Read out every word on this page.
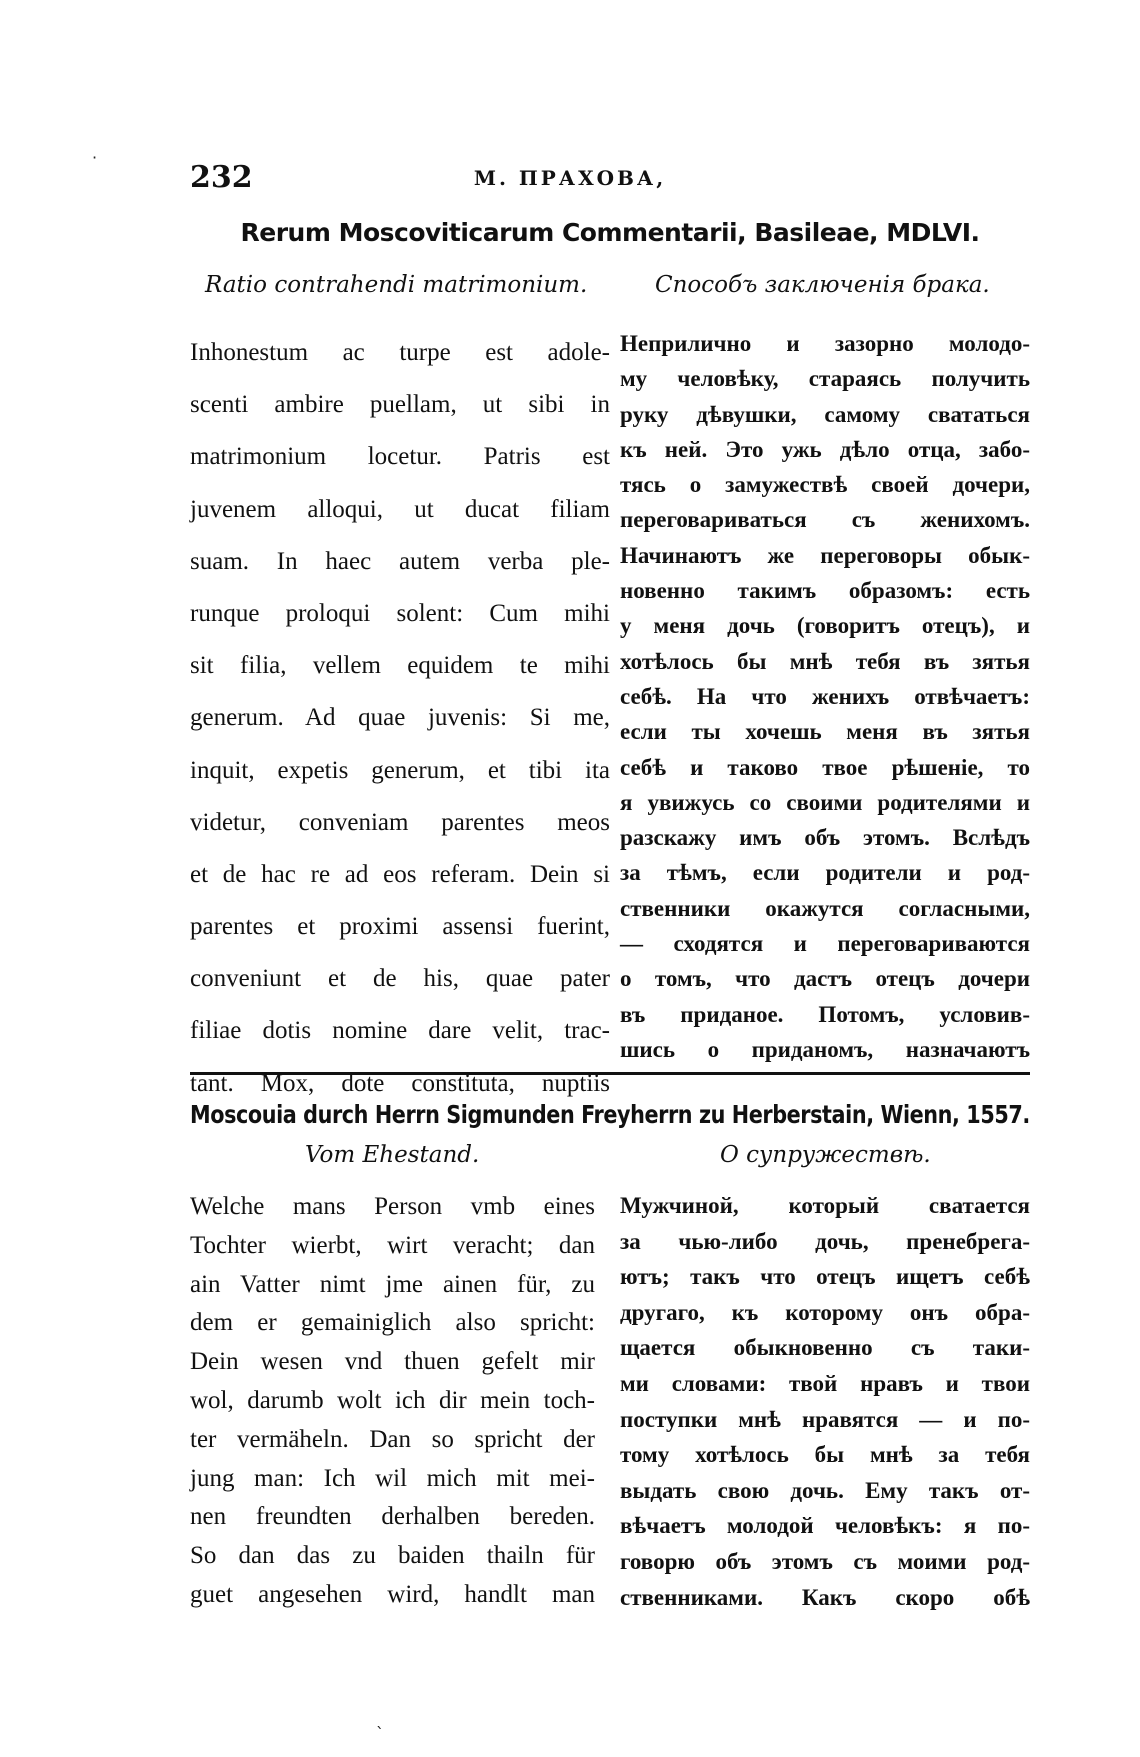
232	М. ПРАХОВА,
Rerum Moscoviticarum Commentarii, Basileae, MDLVI.
Ratio contrahendi matrimonium.	Способъ заключенія брака.
Inhonestum ac turpe est adole-
scenti ambire puellam, ut sibi in
matrimonium locetur. Patris est
juvenem alloqui, ut ducat filiam
suam. In haec autem verba ple-
runque proloqui solent: Cum mihi
sit filia, vellem equidem te mihi
generum. Ad quae juvenis: Si me,
inquit, expetis generum, et tibi ita
videtur, conveniam parentes meos
et de hac re ad eos referam. Dein si
parentes et proximi assensi fuerint,
conveniunt et de his, quae pater
filiae dotis nomine dare velit, trac-
tant. Mox, dote constituta, nuptiis
Неприлично и зазорно молодо-
му человѣку, стараясь получить
руку дѣвушки, самому свататься
къ ней. Это ужь дѣло отца, забо-
тясь о замужествѣ своей дочери,
переговариваться съ женихомъ.
Начинаютъ же переговоры обык-
новенно такимъ образомъ: есть
у меня дочь (говоритъ отецъ), и
хотѣлось бы мнѣ тебя въ зятья
себѣ. На что женихъ отвѣчаетъ:
если ты хочешь меня въ зятья
себѣ и таково твое рѣшеніе, то
я увижусь со своими родителями и
разскажу имъ объ этомъ. Вслѣдъ
за тѣмъ, если родители и род-
ственники окажутся согласными,
— сходятся и переговариваются
о томъ, что дастъ отецъ дочери
въ приданое. Потомъ, условив-
шись о приданомъ, назначаютъ
Moscouia durch Herrn Sigmunden Freyherrn zu Herberstain, Wienn, 1557.
Vom Ehestand.	О супружествѣ.
Welche mans Person vmb eines
Tochter wierbt, wirt veracht; dan
ain Vatter nimt jme ainen für, zu
dem er gemainiglich also spricht:
Dein wesen vnd thuen gefelt mir
wol, darumb wolt ich dir mein toch-
ter vermäheln. Dan so spricht der
jung man: Ich wil mich mit mei-
nen freundten derhalben bereden.
So dan das zu baiden thailn für
guet angesehen wird, handlt man
Мужчиной, который сватается
за чью-либо дочь, пренебрега-
ютъ; такъ что отецъ ищетъ себѣ
другаго, къ которому онъ обра-
щается обыкновенно съ таки-
ми словами: твой нравъ и твои
поступки мнѣ нравятся — и по-
тому хотѣлось бы мнѣ за тебя
выдать свою дочь. Ему такъ от-
вѣчаетъ молодой человѣкъ: я по-
говорю объ этомъ съ моими род-
ственниками. Какъ скоро обѣ
·
ˎ
